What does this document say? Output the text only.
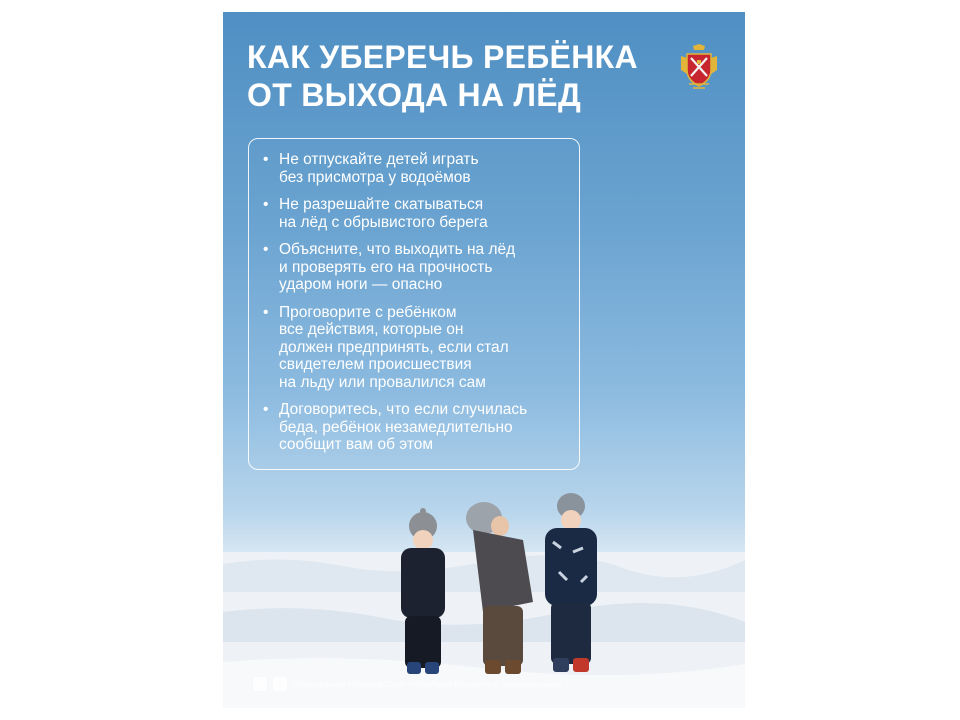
КАК УБЕРЕЧЬ РЕБЁНКА
ОТ ВЫХОДА НА ЛЁД
• Не отпускайте детей играть
без присмотра у водоёмов
• Не разрешайте скатываться
на лёд с обрывистого берега
• Объясните, что выходить на лёд
и проверять его на прочность
ударом ноги — опасно
• Проговорите с ребёнком
все действия, которые он
должен предпринять, если стал
свидетелем происшествия
на льду или провалился сам
• Договоритесь, что если случилась
беда, ребёнок незамедлительно
сообщит вам об этом
Официальная страница Санкт-Петербурга Вконтакте и Одноклассниках
